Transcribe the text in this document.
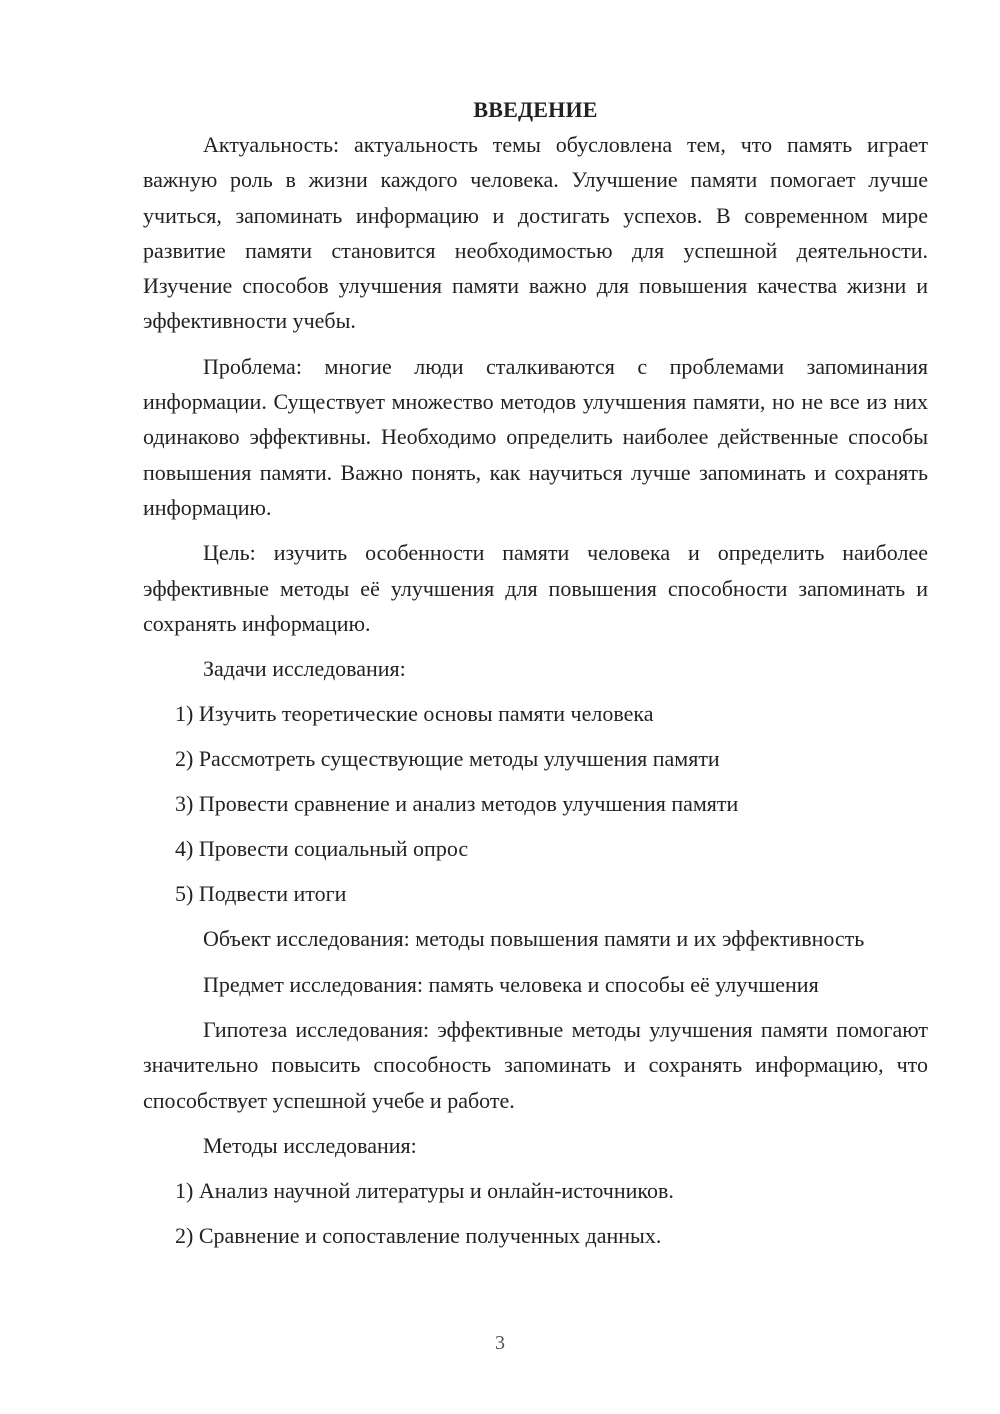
ВВЕДЕНИЕ

Актуальность: актуальность темы обусловлена тем, что память играет важную роль в жизни каждого человека. Улучшение памяти помогает лучше учиться, запоминать информацию и достигать успехов. В современном мире развитие памяти становится необходимостью для успешной деятельности. Изучение способов улучшения памяти важно для повышения качества жизни и эффективности учебы.

Проблема: многие люди сталкиваются с проблемами запоминания информации. Существует множество методов улучшения памяти, но не все из них одинаково эффективны. Необходимо определить наиболее действенные способы повышения памяти. Важно понять, как научиться лучше запоминать и сохранять информацию.

Цель: изучить особенности памяти человека и определить наиболее эффективные методы её улучшения для повышения способности запоминать и сохранять информацию.

Задачи исследования:

1) Изучить теоретические основы памяти человека
2) Рассмотреть существующие методы улучшения памяти
3) Провести сравнение и анализ методов улучшения памяти
4) Провести социальный опрос
5) Подвести итоги

Объект исследования: методы повышения памяти и их эффективность

Предмет исследования: память человека и способы её улучшения

Гипотеза исследования: эффективные методы улучшения памяти помогают значительно повысить способность запоминать и сохранять информацию, что способствует успешной учебе и работе.

Методы исследования:

1) Анализ научной литературы и онлайн-источников.
2) Сравнение и сопоставление полученных данных.
3
